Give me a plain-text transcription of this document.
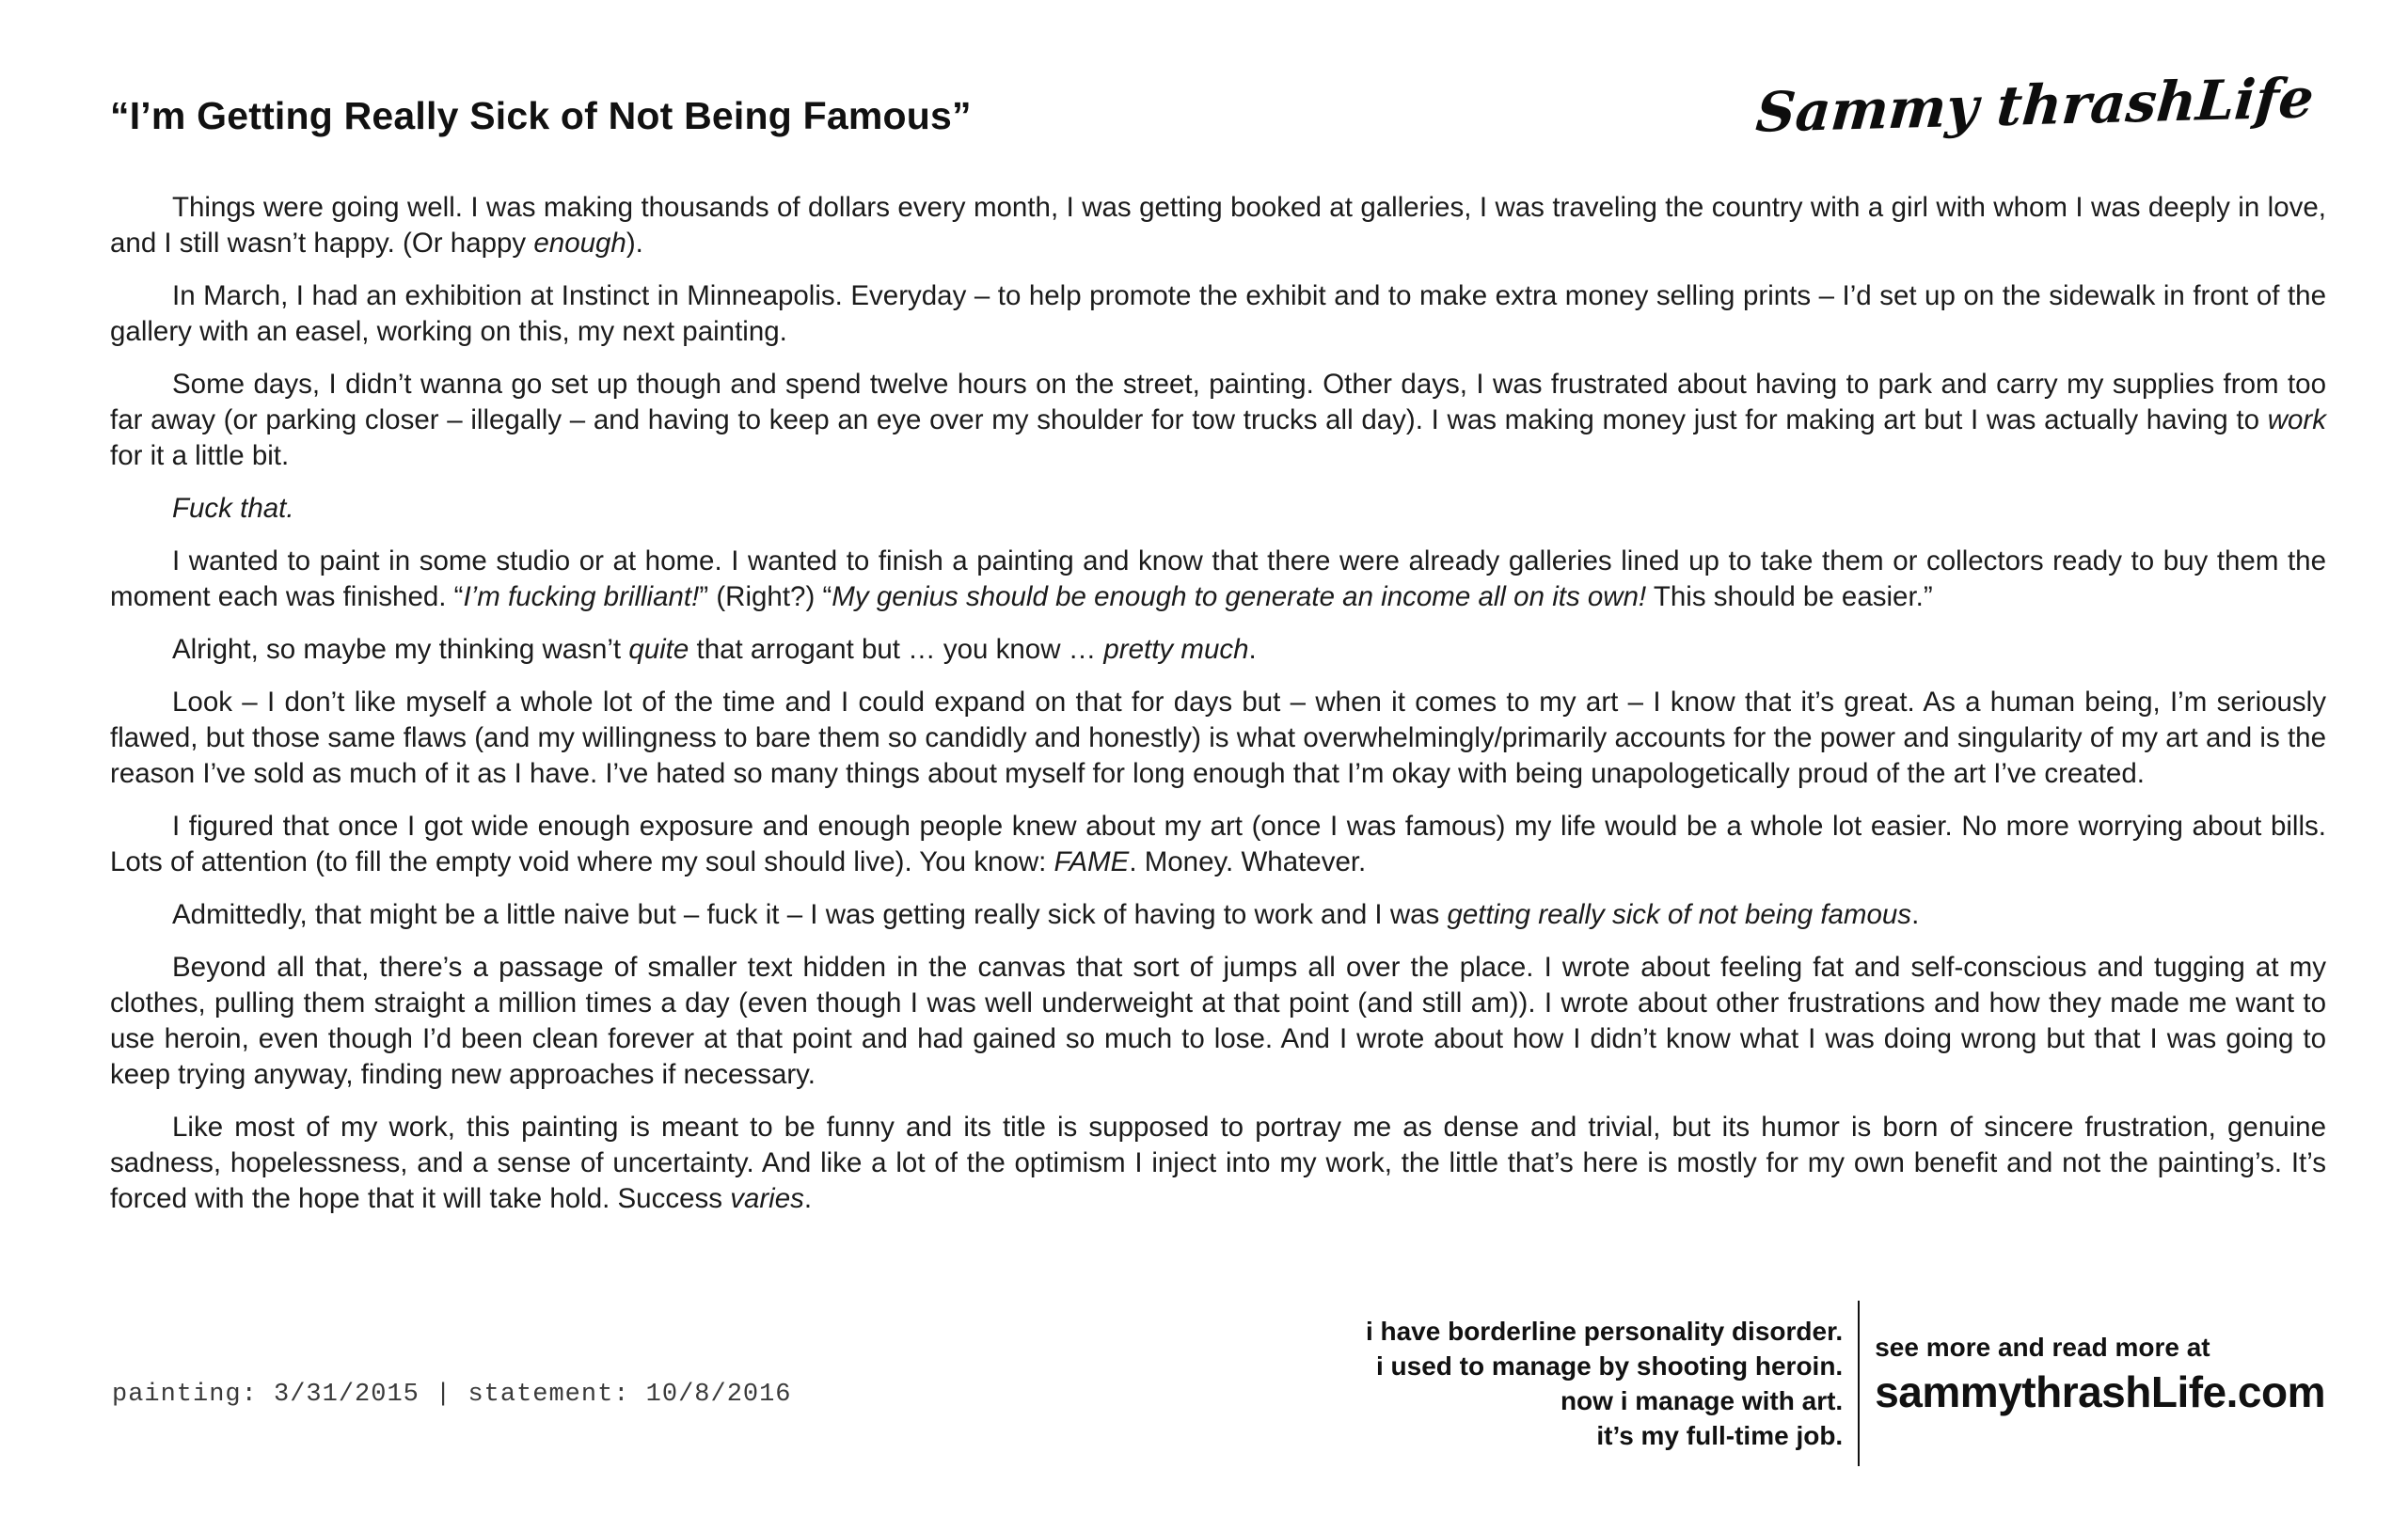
“I’m Getting Really Sick of Not Being Famous”	Sammy thrashLife

Things were going well. I was making thousands of dollars every month, I was getting booked at galleries, I was traveling the country with a girl with whom I was deeply in love, and I still wasn’t happy. (Or happy enough).

In March, I had an exhibition at Instinct in Minneapolis. Everyday – to help promote the exhibit and to make extra money selling prints – I’d set up on the sidewalk in front of the gallery with an easel, working on this, my next painting.

Some days, I didn’t wanna go set up though and spend twelve hours on the street, painting. Other days, I was frustrated about having to park and carry my supplies from too far away (or parking closer – illegally – and having to keep an eye over my shoulder for tow trucks all day). I was making money just for making art but I was actually having to work for it a little bit.

Fuck that.

I wanted to paint in some studio or at home. I wanted to finish a painting and know that there were already galleries lined up to take them or collectors ready to buy them the moment each was finished. “I’m fucking brilliant!” (Right?) “My genius should be enough to generate an income all on its own! This should be easier.”

Alright, so maybe my thinking wasn’t quite that arrogant but … you know … pretty much.

Look – I don’t like myself a whole lot of the time and I could expand on that for days but – when it comes to my art – I know that it’s great. As a human being, I’m seriously flawed, but those same flaws (and my willingness to bare them so candidly and honestly) is what overwhelmingly/primarily accounts for the power and singularity of my art and is the reason I’ve sold as much of it as I have. I’ve hated so many things about myself for long enough that I’m okay with being unapologetically proud of the art I’ve created.

I figured that once I got wide enough exposure and enough people knew about my art (once I was famous) my life would be a whole lot easier. No more worrying about bills. Lots of attention (to fill the empty void where my soul should live). You know: FAME. Money. Whatever.

Admittedly, that might be a little naive but – fuck it – I was getting really sick of having to work and I was getting really sick of not being famous.

Beyond all that, there’s a passage of smaller text hidden in the canvas that sort of jumps all over the place. I wrote about feeling fat and self-conscious and tugging at my clothes, pulling them straight a million times a day (even though I was well underweight at that point (and still am)). I wrote about other frustrations and how they made me want to use heroin, even though I’d been clean forever at that point and had gained so much to lose. And I wrote about how I didn’t know what I was doing wrong but that I was going to keep trying anyway, finding new approaches if necessary.

Like most of my work, this painting is meant to be funny and its title is supposed to portray me as dense and trivial, but its humor is born of sincere frustration, genuine sadness, hopelessness, and a sense of uncertainty. And like a lot of the optimism I inject into my work, the little that’s here is mostly for my own benefit and not the painting’s. It’s forced with the hope that it will take hold. Success varies.

painting: 3/31/2015 | statement: 10/8/2016
i have borderline personality disorder.
i used to manage by shooting heroin.
now i manage with art.
it’s my full-time job.
see more and read more at
sammythrashLife.com
